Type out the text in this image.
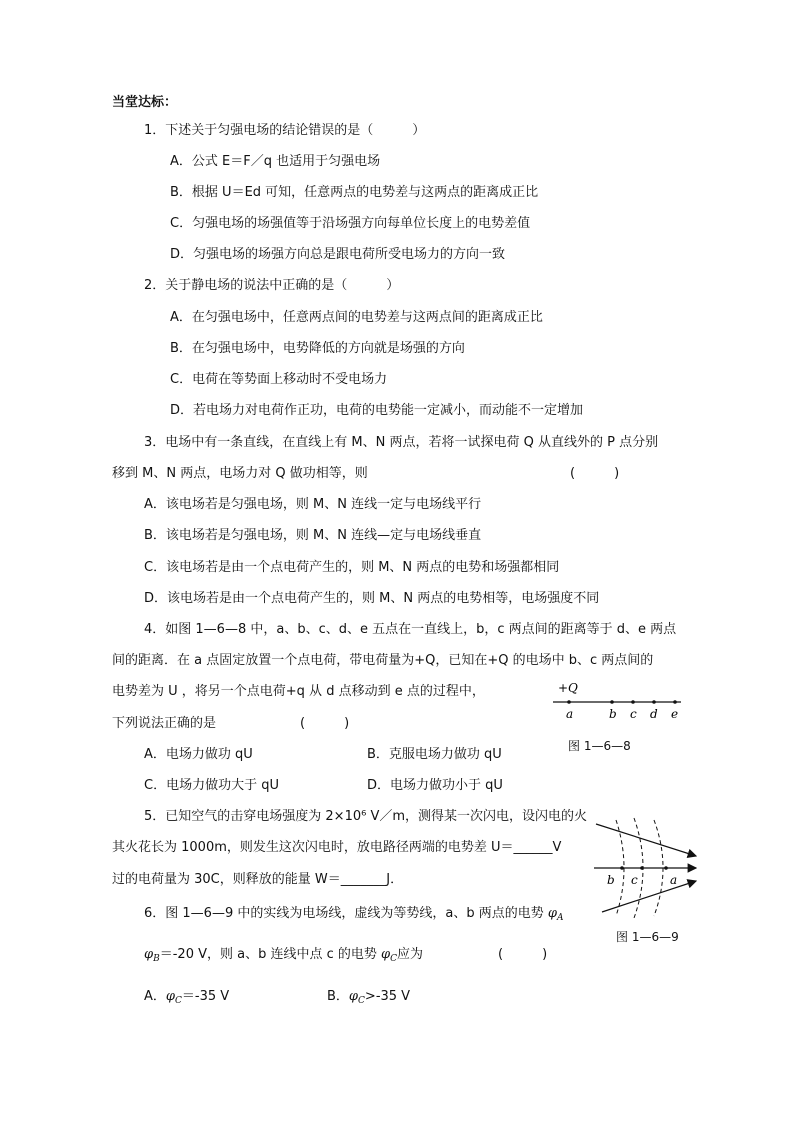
当堂达标：
1．下述关于匀强电场的结论错误的是（　　　）
A．公式 E＝F／q 也适用于匀强电场
B．根据 U＝Ed 可知，任意两点的电势差与这两点的距离成正比
C．匀强电场的场强值等于沿场强方向每单位长度上的电势差值
D．匀强电场的场强方向总是跟电荷所受电场力的方向一致
2．关于静电场的说法中正确的是（　　　）
A．在匀强电场中，任意两点间的电势差与这两点间的距离成正比
B．在匀强电场中，电势降低的方向就是场强的方向
C．电荷在等势面上移动时不受电场力
D．若电场力对电荷作正功，电荷的电势能一定减小，而动能不一定增加
3．电场中有一条直线，在直线上有 M、N 两点，若将一试探电荷 Q 从直线外的 P 点分别
移到 M、N 两点，电场力对 Q 做功相等，则	(　　　)
A．该电场若是匀强电场，则 M、N 连线一定与电场线平行
B．该电场若是匀强电场，则 M、N 连线—定与电场线垂直
C．该电场若是由一个点电荷产生的，则 M、N 两点的电势和场强都相同
D．该电场若是由一个点电荷产生的，则 M、N 两点的电势相等，电场强度不同
4．如图 1—6—8 中，a、b、c、d、e 五点在一直线上，b，c 两点间的距离等于 d、e 两点
间的距离．在 a 点固定放置一个点电荷，带电荷量为+Q，已知在+Q 的电场中 b、c 两点间的
电势差为 U ，将另一个点电荷+q 从 d 点移动到 e 点的过程中，
下列说法正确的是	(　　　)
A．电场力做功 qU	B．克服电场力做功 qU
C．电场力做功大于 qU	D．电场力做功小于 qU
+Q
a	b c d e
图 1—6—8
5．已知空气的击穿电场强度为 2×10⁶ V／m，测得某一次闪电，设闪电的火
其火花长为 1000m，则发生这次闪电时，放电路径两端的电势差 U＝______V
过的电荷量为 30C，则释放的能量 W＝_______J．	b c	a
图 1—6—9
6．图 1—6—9 中的实线为电场线，虚线为等势线，a、b 两点的电势 $\varphi_A$
$\varphi_B=-20$ V，则 a、b 连线中点 c 的电势 $\varphi_C$应为	(　　　)
A．$\varphi_C=-35$ V	B．$\varphi_C>-35$ V
